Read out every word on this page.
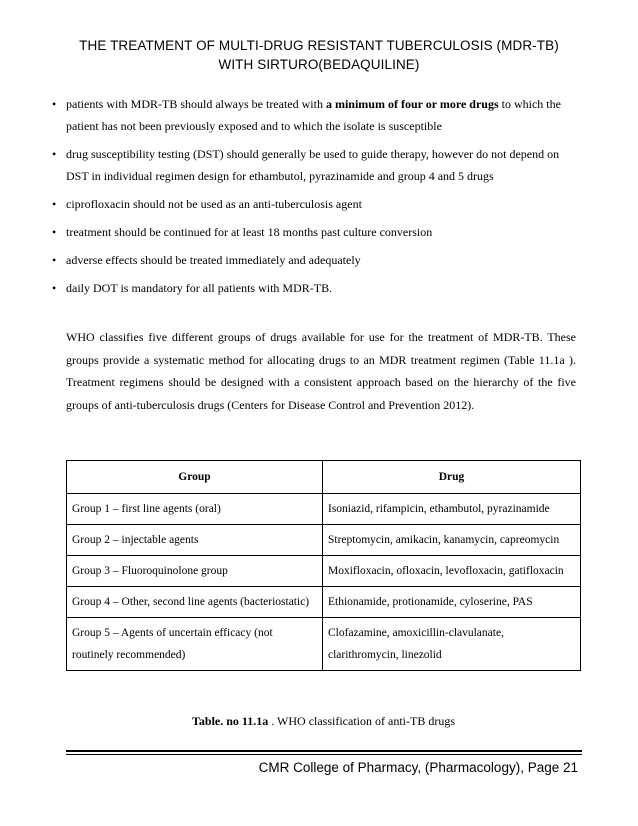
THE TREATMENT OF MULTI-DRUG RESISTANT TUBERCULOSIS (MDR-TB)
WITH SIRTURO(BEDAQUILINE)
• patients with MDR-TB should always be treated with a minimum of four or more drugs to which the patient has not been previously exposed and to which the isolate is susceptible
• drug susceptibility testing (DST) should generally be used to guide therapy, however do not depend on DST in individual regimen design for ethambutol, pyrazinamide and group 4 and 5 drugs
• ciprofloxacin should not be used as an anti-tuberculosis agent
• treatment should be continued for at least 18 months past culture conversion
• adverse effects should be treated immediately and adequately
• daily DOT is mandatory for all patients with MDR-TB.

WHO classifies five different groups of drugs available for use for the treatment of MDR-TB. These groups provide a systematic method for allocating drugs to an MDR treatment regimen (Table 11.1a ). Treatment regimens should be designed with a consistent approach based on the hierarchy of the five groups of anti-tuberculosis drugs (Centers for Disease Control and Prevention 2012).

Group	Drug
Group 1 – first line agents (oral)	Isoniazid, rifampicin, ethambutol, pyrazinamide
Group 2 – injectable agents	Streptomycin, amikacin, kanamycin, capreomycin
Group 3 – Fluoroquinolone group	Moxifloxacin, ofloxacin, levofloxacin, gatifloxacin
Group 4 – Other, second line agents (bacteriostatic)	Ethionamide, protionamide, cyloserine, PAS
Group 5 – Agents of uncertain efficacy (not routinely recommended)	Clofazamine, amoxicillin-clavulanate, clarithromycin, linezolid
Table. no 11.1a . WHO classification of anti-TB drugs
CMR College of Pharmacy, (Pharmacology), Page 21
